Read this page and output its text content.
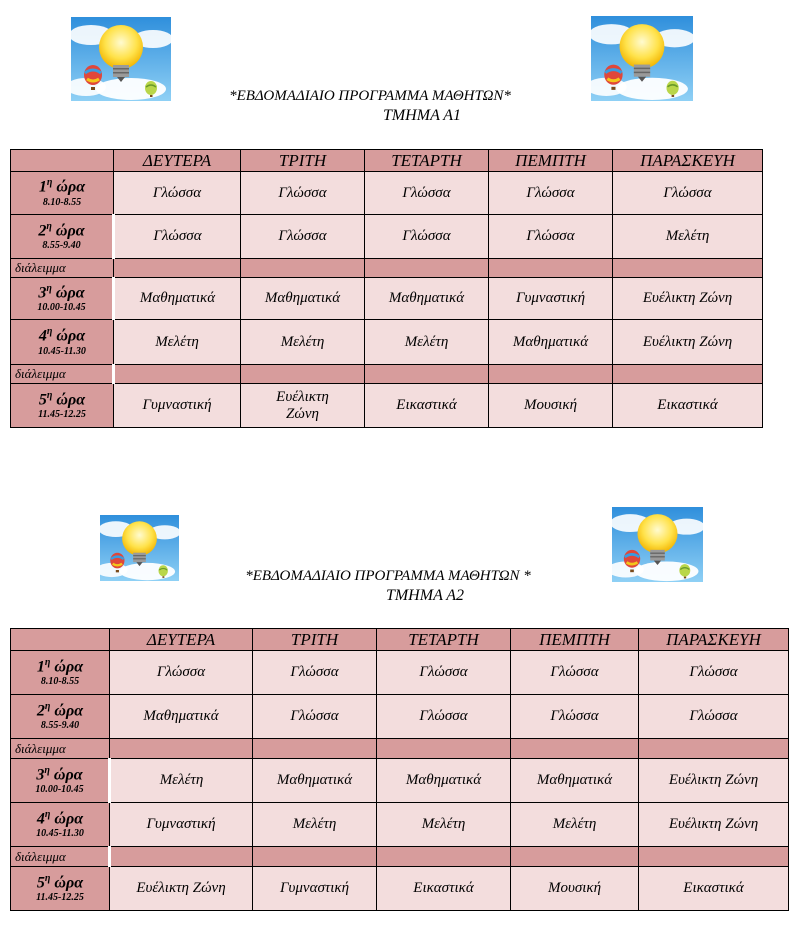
*ΕΒΔΟΜΑΔΙΑΙΟ ΠΡΟΓΡΑΜΜΑ ΜΑΘΗΤΩΝ*
ΤΜΗΜΑ Α1
*ΕΒΔΟΜΑΔΙΑΙΟ ΠΡΟΓΡΑΜΜΑ ΜΑΘΗΤΩΝ *
ΤΜΗΜΑ Α2
	ΔΕΥΤΕΡΑ	ΤΡΙΤΗ	ΤΕΤΑΡΤΗ	ΠΕΜΠΤΗ	ΠΑΡΑΣΚΕΥΗ

$1^\eta$ ώρα
8.10-8.55	Γλώσσα	Γλώσσα	Γλώσσα	Γλώσσα	Γλώσσα

$2^\eta$ ώρα
8.55-9.40	Γλώσσα	Γλώσσα	Γλώσσα	Γλώσσα	Μελέτη
διάλειμμα					

$3^\eta$ ώρα
10.00-10.45	Μαθηματικά	Μαθηματικά	Μαθηματικά	Γυμναστική	Ευέλικτη Ζώνη

$4^\eta$ ώρα
10.45-11.30	Μελέτη	Μελέτη	Μελέτη	Μαθηματικά	Ευέλικτη Ζώνη
διάλειμμα					

$5^\eta$ ώρα
11.45-12.25	Γυμναστική	Ευέλικτη Ζώνη	Εικαστικά	Μουσική	Εικαστικά
	ΔΕΥΤΕΡΑ	ΤΡΙΤΗ	ΤΕΤΑΡΤΗ	ΠΕΜΠΤΗ	ΠΑΡΑΣΚΕΥΗ

$1^\eta$ ώρα
8.10-8.55	Γλώσσα	Γλώσσα	Γλώσσα	Γλώσσα	Γλώσσα

$2^\eta$ ώρα
8.55-9.40	Μαθηματικά	Γλώσσα	Γλώσσα	Γλώσσα	Γλώσσα
διάλειμμα					

$3^\eta$ ώρα
10.00-10.45	Μελέτη	Μαθηματικά	Μαθηματικά	Μαθηματικά	Ευέλικτη Ζώνη

$4^\eta$ ώρα
10.45-11.30	Γυμναστική	Μελέτη	Μελέτη	Μελέτη	Ευέλικτη Ζώνη
διάλειμμα					

$5^\eta$ ώρα
11.45-12.25	Ευέλικτη Ζώνη	Γυμναστική	Εικαστικά	Μουσική	Εικαστικά
